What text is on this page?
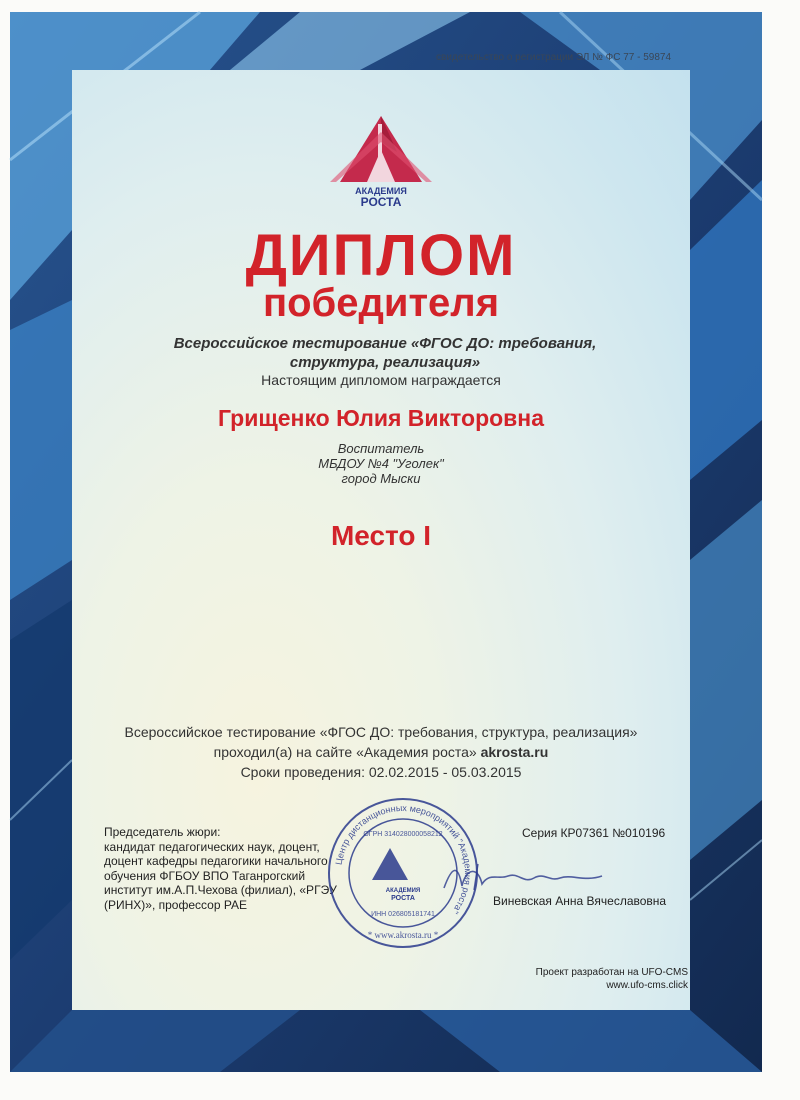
свидетельство о регистрации ЭЛ № ФС 77 - 59874
АКАДЕМИЯ
РОСТА
ДИПЛОМ
победителя
Всероссийское тестирование «ФГОС ДО: требования, структура, реализация»
Настоящим дипломом награждается
Грищенко Юлия Викторовна
Воспитатель
МБДОУ №4 "Уголек"
город Мыски
Место I
Всероссийское тестирование «ФГОС ДО: требования, структура, реализация»
проходил(а) на сайте «Академия роста» akrosta.ru
Сроки проведения: 02.02.2015 - 05.03.2015
Председатель жюри:
кандидат педагогических наук, доцент, доцент кафедры педагогики начального обучения ФГБОУ ВПО Таганрогский институт им.А.П.Чехова (филиал), «РГЭУ (РИНХ)», профессор РАЕ
Серия КР07361 №010196
Центр дистанционных мероприятий "Академия роста"
ОГРН 314028000058212
АКАДЕМИЯ
РОСТА
ИНН 026805181741
* www.akrosta.ru *
Виневская Анна Вячеславовна
Проект разработан на UFO-CMS
www.ufo-cms.click
